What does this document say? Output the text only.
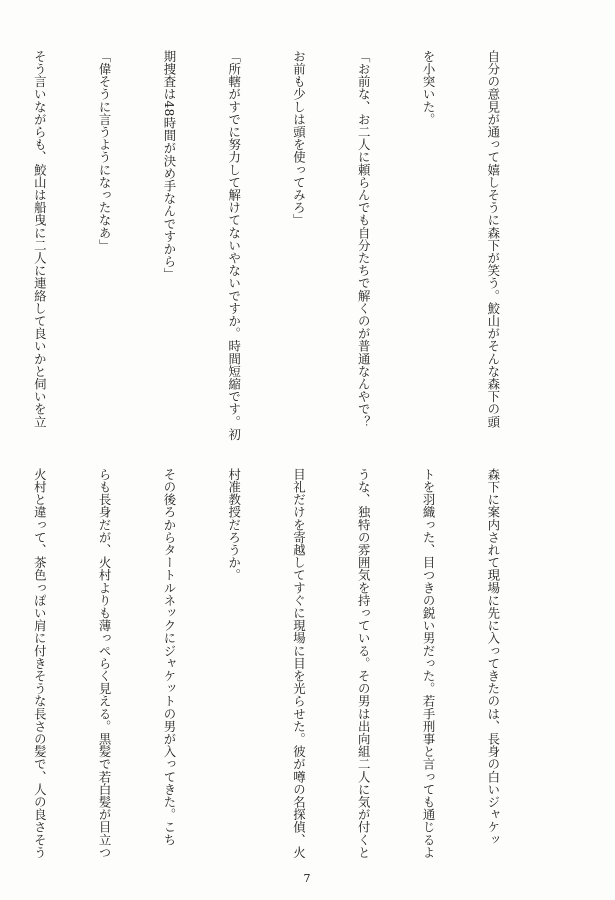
自分の意見が通って嬉しそうに森下が笑う。鮫山がそんな森下の頭

を小突いた。

「お前な、お二人に頼らんでも自分たちで解くのが普通なんやで？

お前も少しは頭を使ってみろ」

「所轄がすでに努力して解けてないやないですか。時間短縮です。初

期捜査は48時間が決め手なんですから」

「偉そうに言うようになったなあ」

そう言いながらも、鮫山は船曳に二人に連絡して良いかと伺いを立

森下に案内されて現場に先に入ってきたのは、長身の白いジャケッ

トを羽織った、目つきの鋭い男だった。若手刑事と言っても通じるよ

うな、独特の雰囲気を持っている。その男は出向組二人に気が付くと

目礼だけを寄越してすぐに現場に目を光らせた。彼が噂の名探偵、火

村准教授だろうか。

その後ろからタートルネックにジャケットの男が入ってきた。こち

らも長身だが、火村よりも薄っぺらく見える。黒髪で若白髪が目立つ

火村と違って、茶色っぽい肩に付きそうな長さの髪で、人の良さそう

7
